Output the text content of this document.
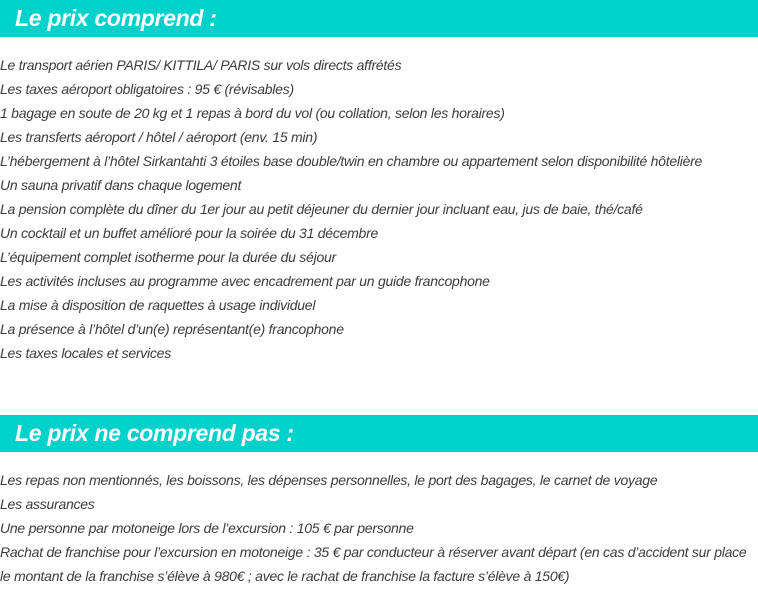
Le prix comprend :
Le transport aérien PARIS/ KITTILA/ PARIS sur vols directs affrétés
Les taxes aéroport obligatoires : 95 € (révisables)
1 bagage en soute de 20 kg et 1 repas à bord du vol (ou collation, selon les horaires)
Les transferts aéroport / hôtel / aéroport (env. 15 min)
L’hébergement à l’hôtel Sirkantahti 3 étoiles base double/twin en chambre ou appartement selon disponibilité hôtelière
Un sauna privatif dans chaque logement
La pension complète du dîner du 1er jour au petit déjeuner du dernier jour incluant eau, jus de baie, thé/café
Un cocktail et un buffet amélioré pour la soirée du 31 décembre
L’équipement complet isotherme pour la durée du séjour
Les activités incluses au programme avec encadrement par un guide francophone
La mise à disposition de raquettes à usage individuel
La présence à l’hôtel d’un(e) représentant(e) francophone
Les taxes locales et services
Le prix ne comprend pas :
Les repas non mentionnés, les boissons, les dépenses personnelles, le port des bagages, le carnet de voyage
Les assurances
Une personne par motoneige lors de l’excursion : 105 € par personne
Rachat de franchise pour l’excursion en motoneige : 35 € par conducteur à réserver avant départ (en cas d’accident sur place le montant de la franchise s’élève à 980€ ; avec le rachat de franchise la facture s’élève à 150€)
